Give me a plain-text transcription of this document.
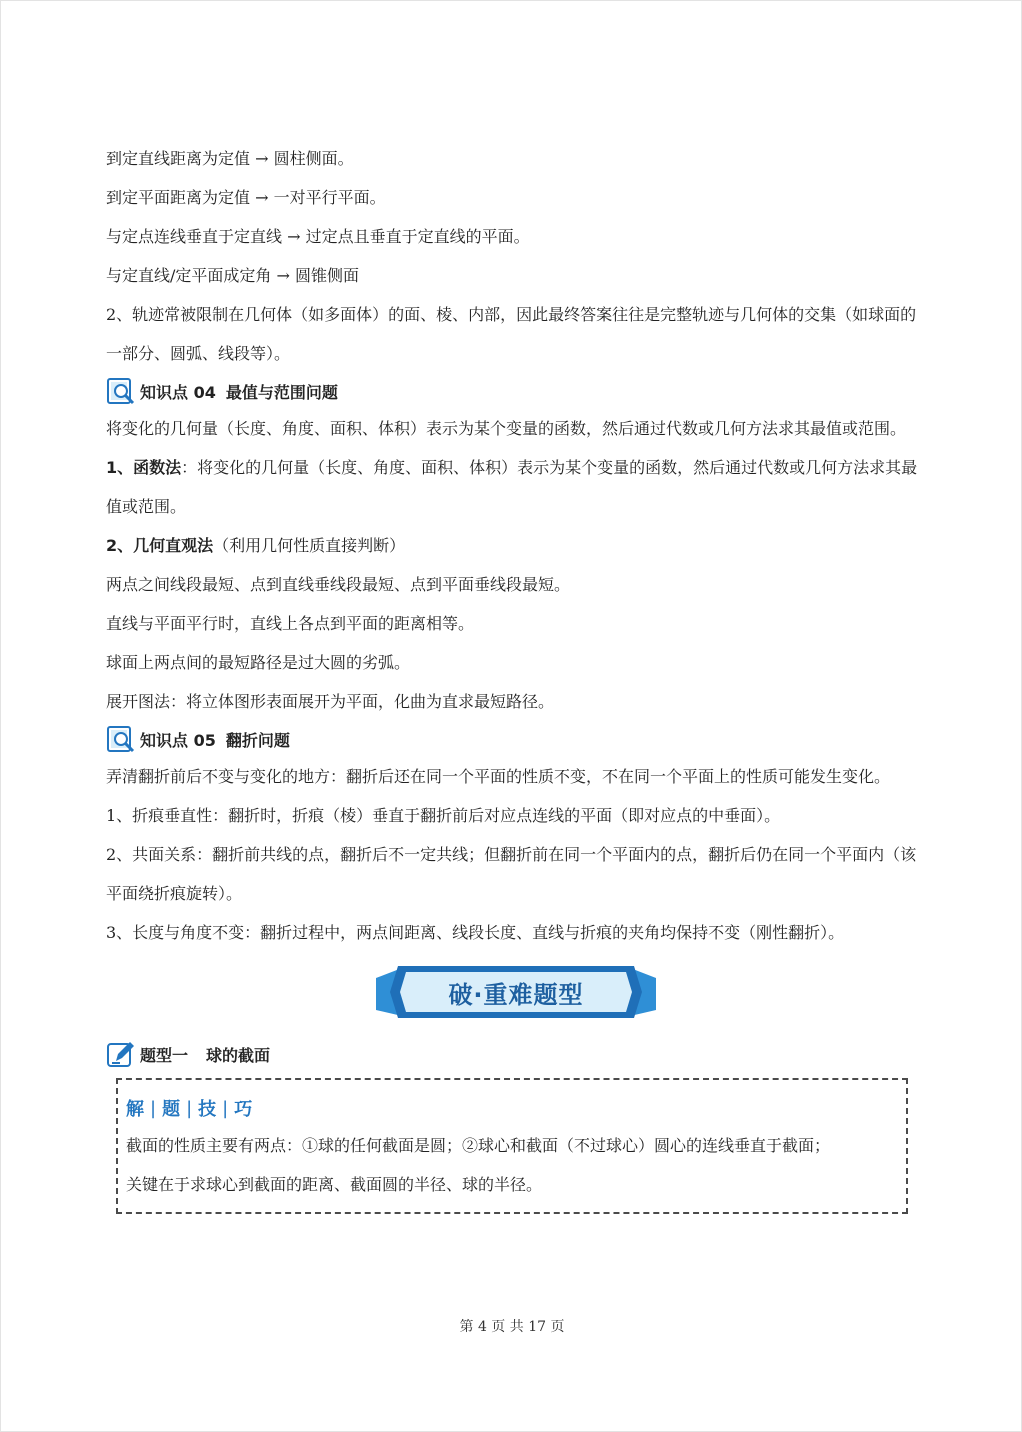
到定直线距离为定值 → 圆柱侧面。

到定平面距离为定值 → 一对平行平面。

与定点连线垂直于定直线 → 过定点且垂直于定直线的平面。

与定直线/定平面成定角 → 圆锥侧面

2、轨迹常被限制在几何体（如多面体）的面、棱、内部，因此最终答案往往是完整轨迹与几何体的交集（如球面的一部分、圆弧、线段等）。

知识点 04 最值与范围问题

将变化的几何量（长度、角度、面积、体积）表示为某个变量的函数，然后通过代数或几何方法求其最值或范围。

1、函数法：将变化的几何量（长度、角度、面积、体积）表示为某个变量的函数，然后通过代数或几何方法求其最值或范围。

2、几何直观法（利用几何性质直接判断）

两点之间线段最短、点到直线垂线段最短、点到平面垂线段最短。

直线与平面平行时，直线上各点到平面的距离相等。

球面上两点间的最短路径是过大圆的劣弧。

展开图法：将立体图形表面展开为平面，化曲为直求最短路径。

知识点 05 翻折问题

弄清翻折前后不变与变化的地方：翻折后还在同一个平面的性质不变，不在同一个平面上的性质可能发生变化。

1、折痕垂直性：翻折时，折痕（棱）垂直于翻折前后对应点连线的平面（即对应点的中垂面）。

2、共面关系：翻折前共线的点，翻折后不一定共线；但翻折前在同一个平面内的点，翻折后仍在同一个平面内（该平面绕折痕旋转）。

3、长度与角度不变：翻折过程中，两点间距离、线段长度、直线与折痕的夹角均保持不变（刚性翻折）。

破·重难题型
题型一 球的截面
解 | 题 | 技 | 巧

截面的性质主要有两点：①球的任何截面是圆；②球心和截面（不过球心）圆心的连线垂直于截面；

关键在于求球心到截面的距离、截面圆的半径、球的半径。

第 4 页 共 17 页
